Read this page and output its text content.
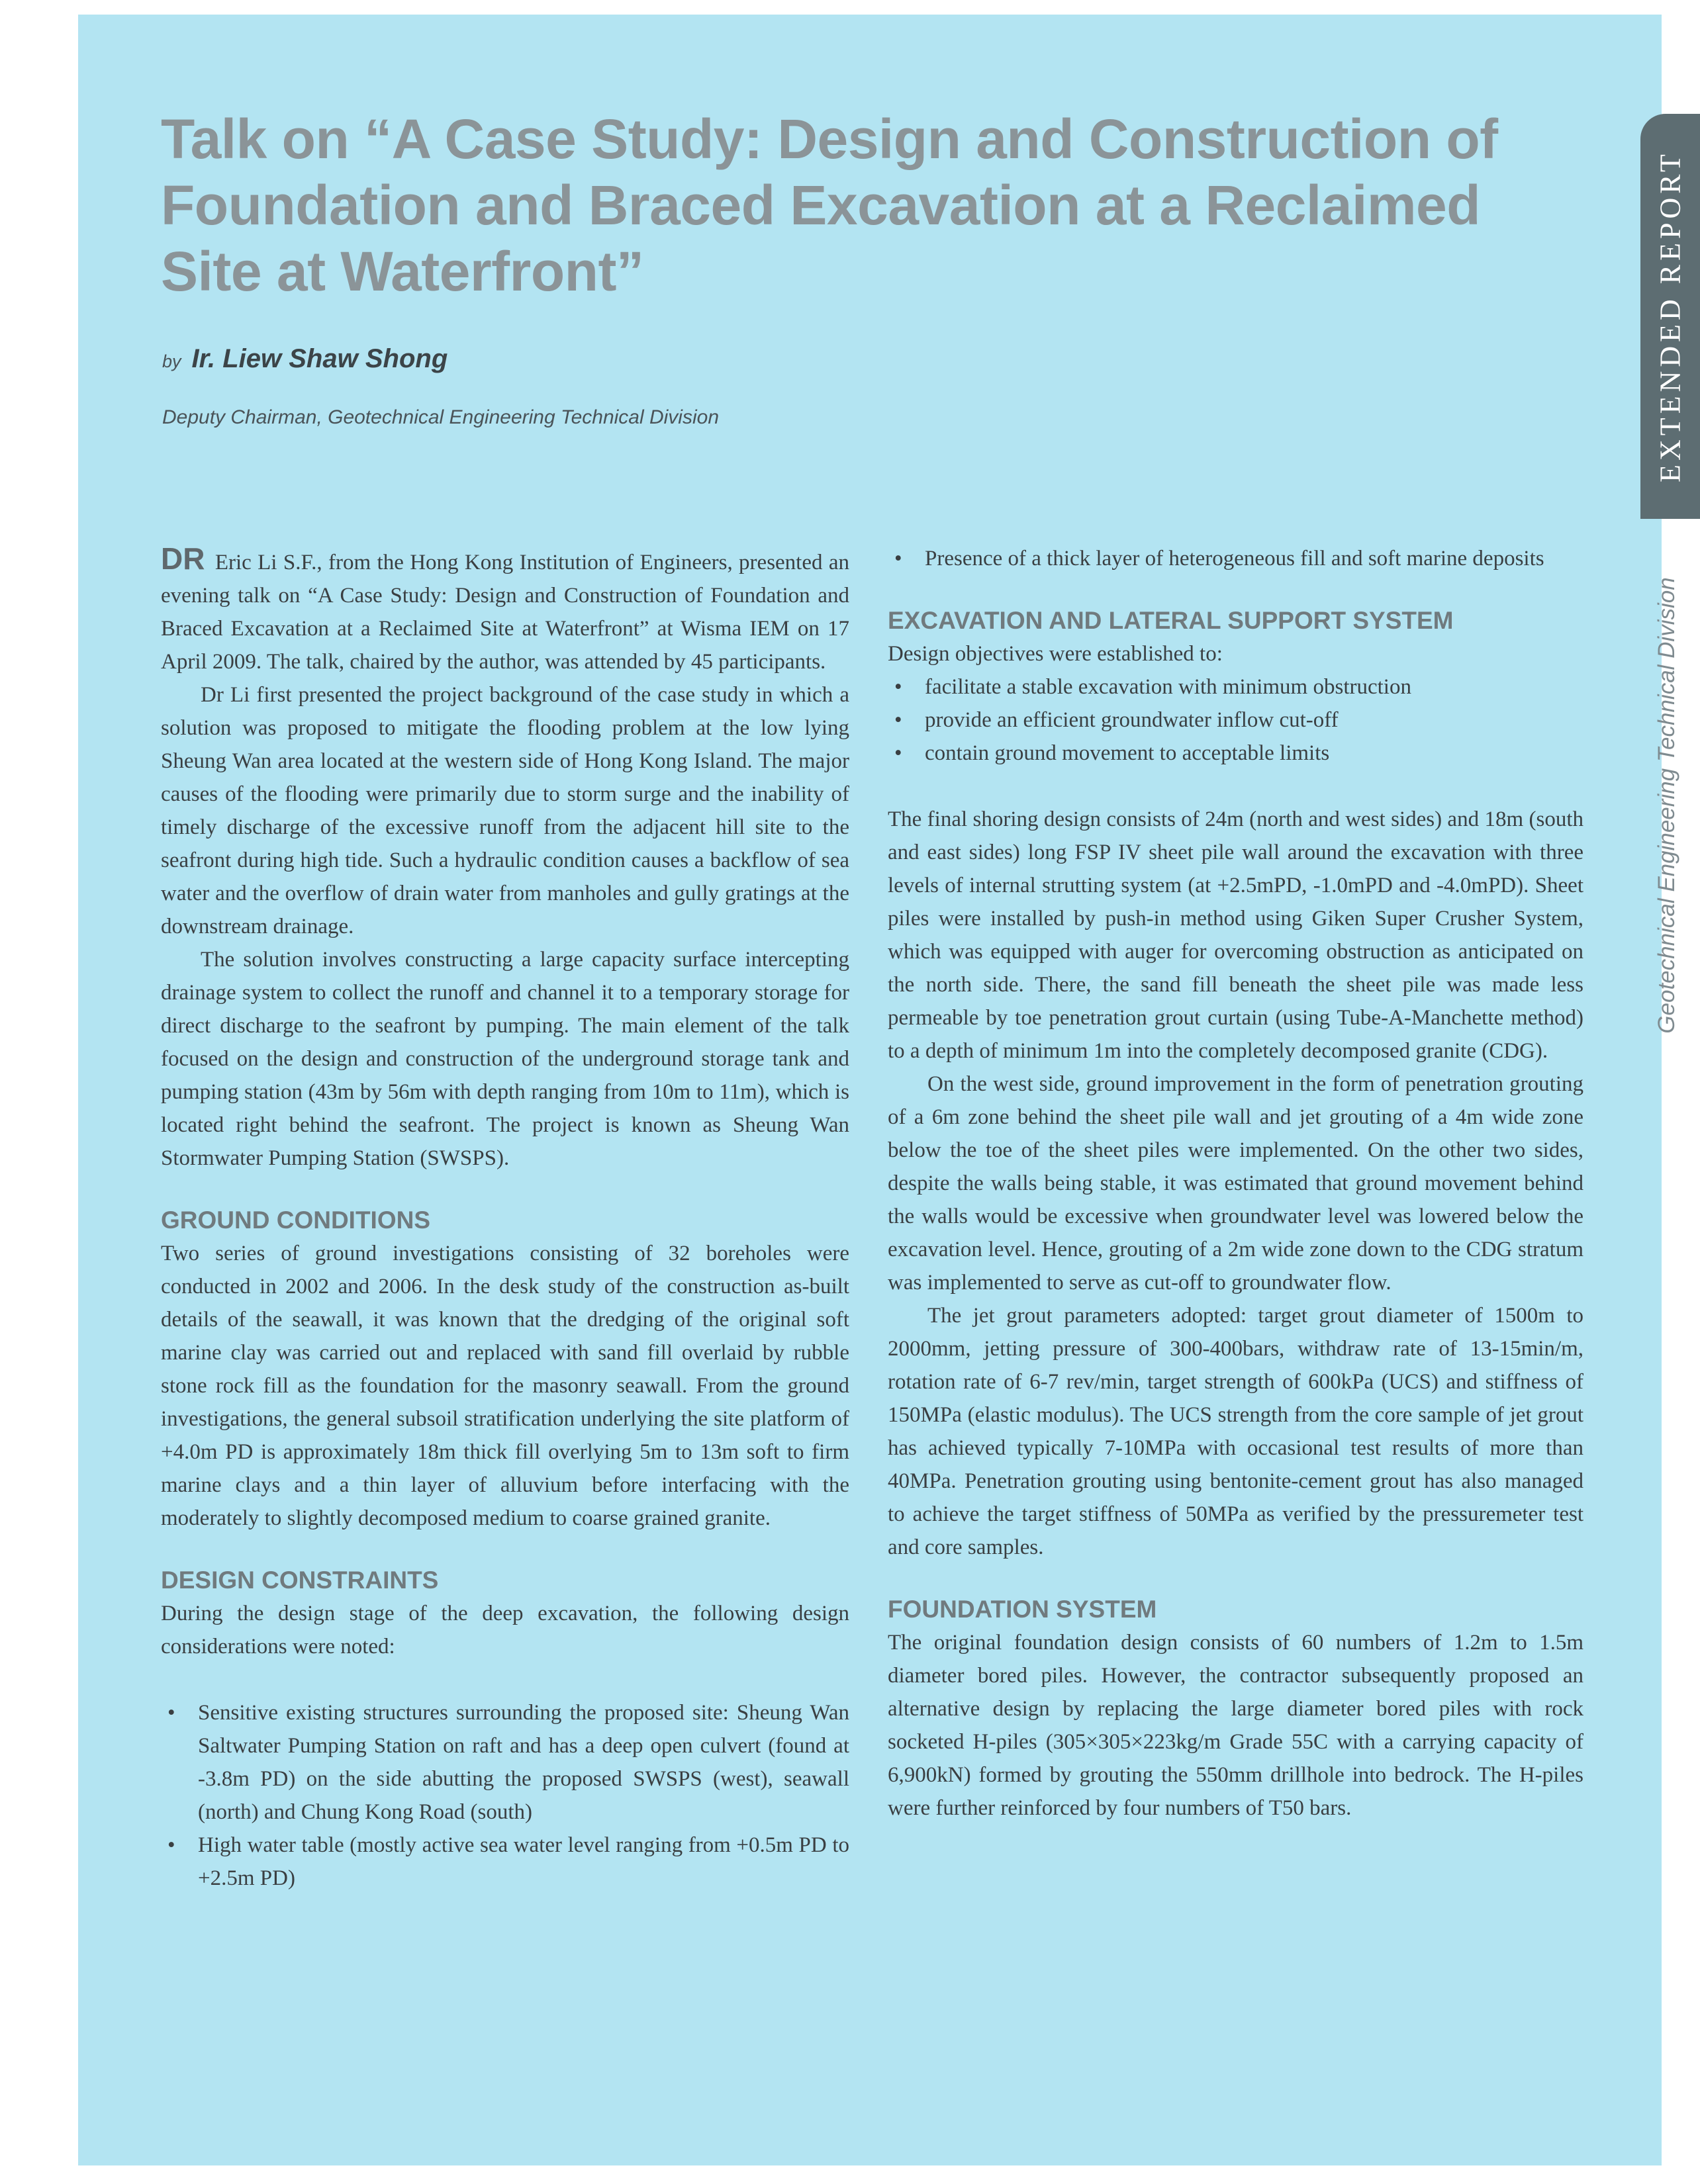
Talk on “A Case Study: Design and Construction of Foundation and Braced Excavation at a Reclaimed Site at Waterfront”
by Ir. Liew Shaw Shong
Deputy Chairman, Geotechnical Engineering Technical Division	EXTENDED REPORT
Geotechnical Engineering Technical Division

DR Eric Li S.F., from the Hong Kong Institution of Engineers, presented an evening talk on “A Case Study: Design and Construction of Foundation and Braced Excavation at a Reclaimed Site at Waterfront” at Wisma IEM on 17 April 2009. The talk, chaired by the author, was attended by 45 participants.

Dr Li first presented the project background of the case study in which a solution was proposed to mitigate the flooding problem at the low lying Sheung Wan area located at the western side of Hong Kong Island. The major causes of the flooding were primarily due to storm surge and the inability of timely discharge of the excessive runoff from the adjacent hill site to the seafront during high tide. Such a hydraulic condition causes a backflow of sea water and the overflow of drain water from manholes and gully gratings at the downstream drainage.

The solution involves constructing a large capacity surface intercepting drainage system to collect the runoff and channel it to a temporary storage for direct discharge to the seafront by pumping. The main element of the talk focused on the design and construction of the underground storage tank and pumping station (43m by 56m with depth ranging from 10m to 11m), which is located right behind the seafront. The project is known as Sheung Wan Stormwater Pumping Station (SWSPS).

GROUND CONDITIONS

Two series of ground investigations consisting of 32 boreholes were conducted in 2002 and 2006. In the desk study of the construction as-built details of the seawall, it was known that the dredging of the original soft marine clay was carried out and replaced with sand fill overlaid by rubble stone rock fill as the foundation for the masonry seawall. From the ground investigations, the general subsoil stratification underlying the site platform of +4.0m PD is approximately 18m thick fill overlying 5m to 13m soft to firm marine clays and a thin layer of alluvium before interfacing with the moderately to slightly decomposed medium to coarse grained granite.

DESIGN CONSTRAINTS

During the design stage of the deep excavation, the following design considerations were noted:

• Sensitive existing structures surrounding the proposed site: Sheung Wan Saltwater Pumping Station on raft and has a deep open culvert (found at -3.8m PD) on the side abutting the proposed SWSPS (west), seawall (north) and Chung Kong Road (south)
• High water table (mostly active sea water level ranging from +0.5m PD to +2.5m PD)
• Presence of a thick layer of heterogeneous fill and soft marine deposits
EXCAVATION AND LATERAL SUPPORT SYSTEM

Design objectives were established to:

• facilitate a stable excavation with minimum obstruction
• provide an efficient groundwater inflow cut-off
• contain ground movement to acceptable limits

The final shoring design consists of 24m (north and west sides) and 18m (south and east sides) long FSP IV sheet pile wall around the excavation with three levels of internal strutting system (at +2.5mPD, -1.0mPD and -4.0mPD). Sheet piles were installed by push-in method using Giken Super Crusher System, which was equipped with auger for overcoming obstruction as anticipated on the north side. There, the sand fill beneath the sheet pile was made less permeable by toe penetration grout curtain (using Tube-A-Manchette method) to a depth of minimum 1m into the completely decomposed granite (CDG).

On the west side, ground improvement in the form of penetration grouting of a 6m zone behind the sheet pile wall and jet grouting of a 4m wide zone below the toe of the sheet piles were implemented. On the other two sides, despite the walls being stable, it was estimated that ground movement behind the walls would be excessive when groundwater level was lowered below the excavation level. Hence, grouting of a 2m wide zone down to the CDG stratum was implemented to serve as cut-off to groundwater flow.

The jet grout parameters adopted: target grout diameter of 1500m to 2000mm, jetting pressure of 300-400bars, withdraw rate of 13-15min/m, rotation rate of 6-7 rev/min, target strength of 600kPa (UCS) and stiffness of 150MPa (elastic modulus). The UCS strength from the core sample of jet grout has achieved typically 7-10MPa with occasional test results of more than 40MPa. Penetration grouting using bentonite-cement grout has also managed to achieve the target stiffness of 50MPa as verified by the pressuremeter test and core samples.

FOUNDATION SYSTEM

The original foundation design consists of 60 numbers of 1.2m to 1.5m diameter bored piles. However, the contractor subsequently proposed an alternative design by replacing the large diameter bored piles with rock socketed H-piles (305×305×223kg/m Grade 55C with a carrying capacity of 6,900kN) formed by grouting the 550mm drillhole into bedrock. The H-piles were further reinforced by four numbers of T50 bars.
